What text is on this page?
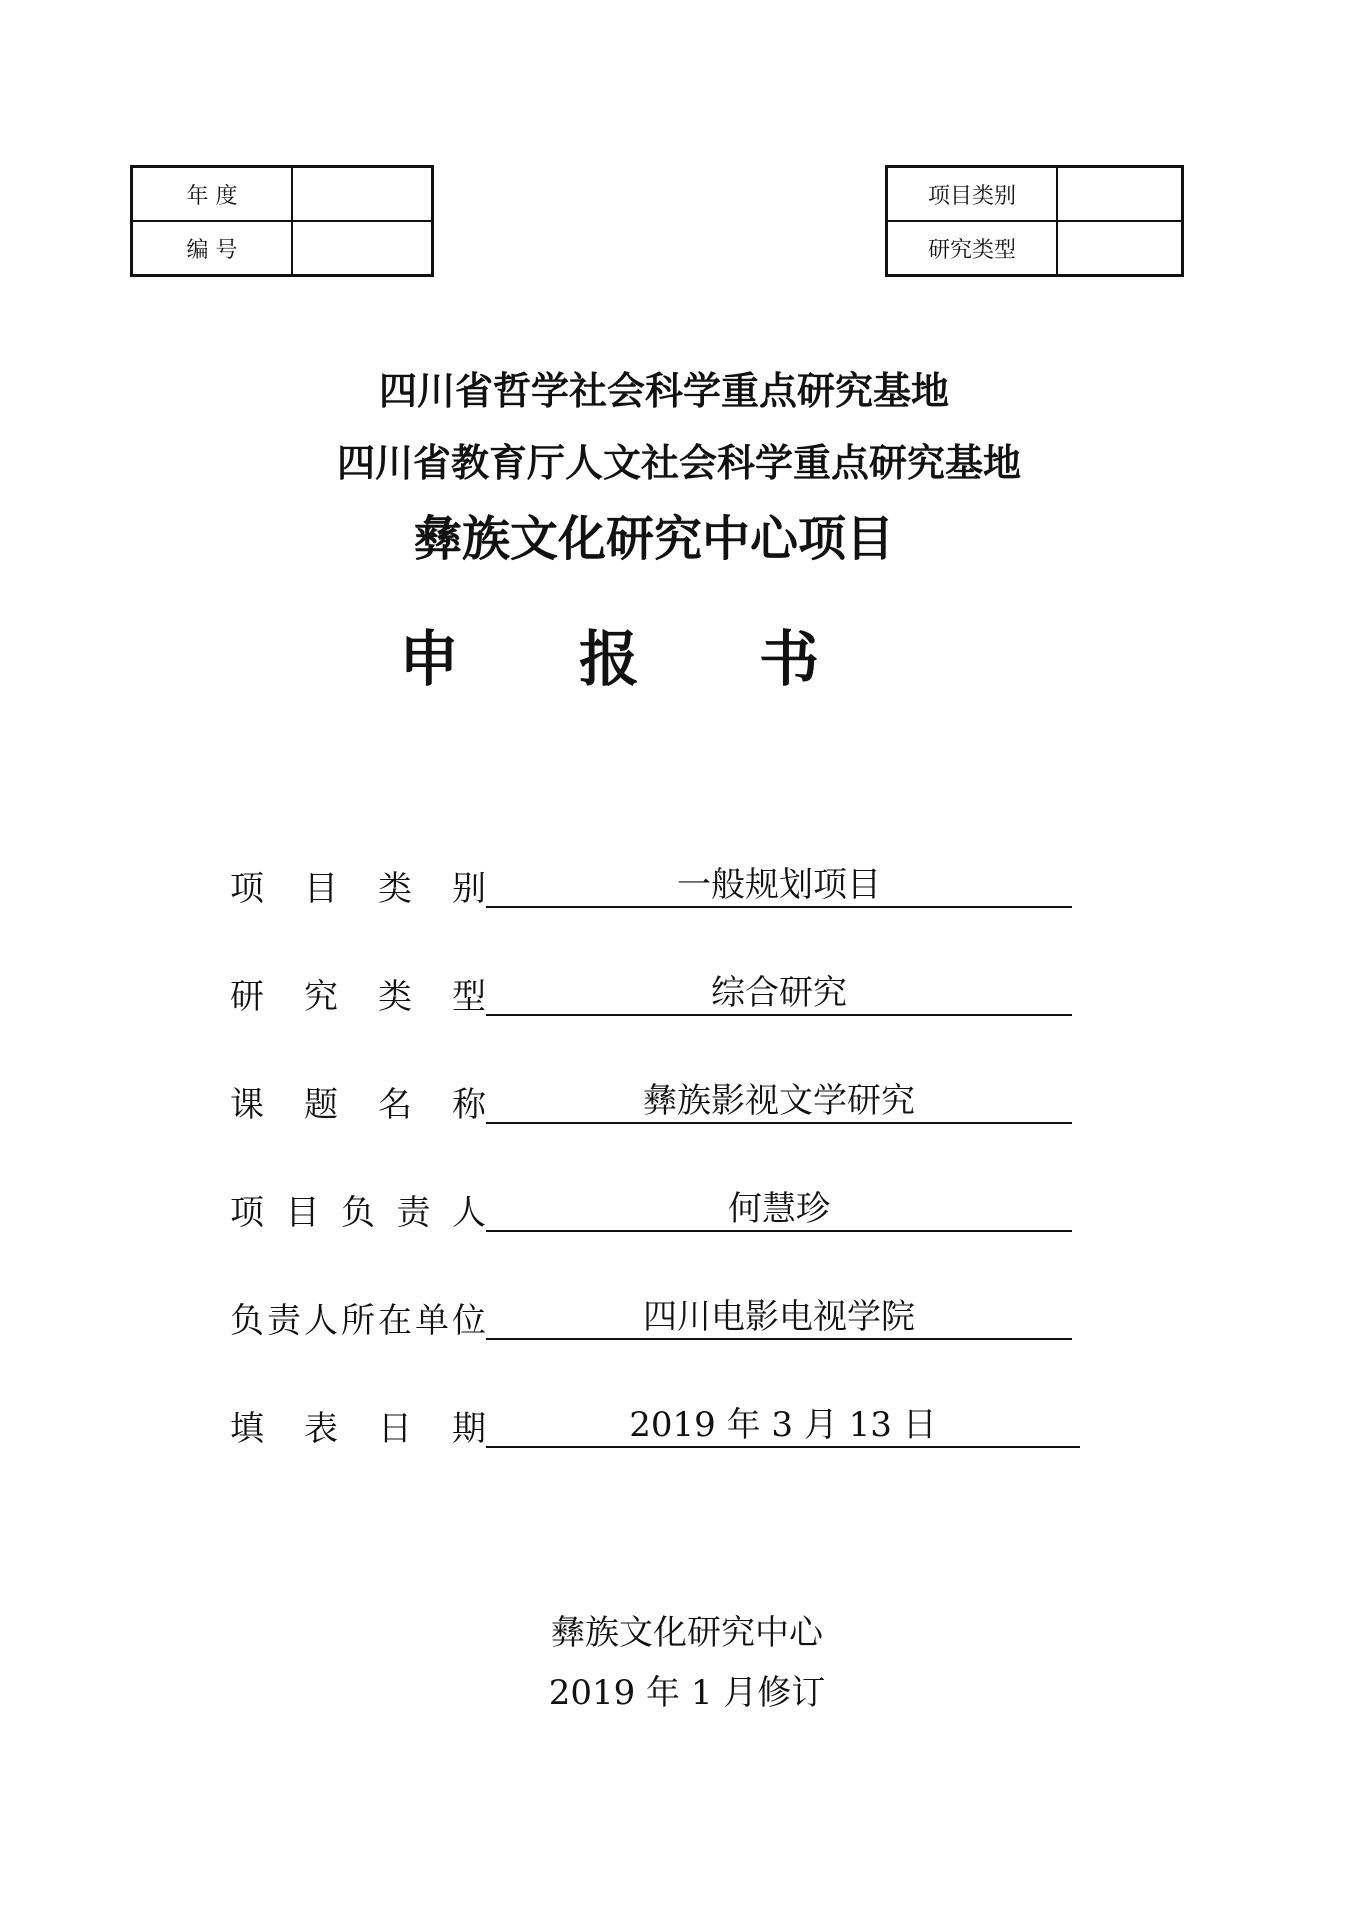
年 度	
编 号	
项目类别	
研究类型	
四川省哲学社会科学重点研究基地
四川省教育厅人文社会科学重点研究基地
彝族文化研究中心项目
申报书
项目类别	一般规划项目
研究类型	综合研究
课题名称	彝族影视文学研究
项目负责人	何慧珍
负责人所在单位	四川电影电视学院
填表日期	2019 年 3 月 13 日
彝族文化研究中心
2019 年 1 月修订
